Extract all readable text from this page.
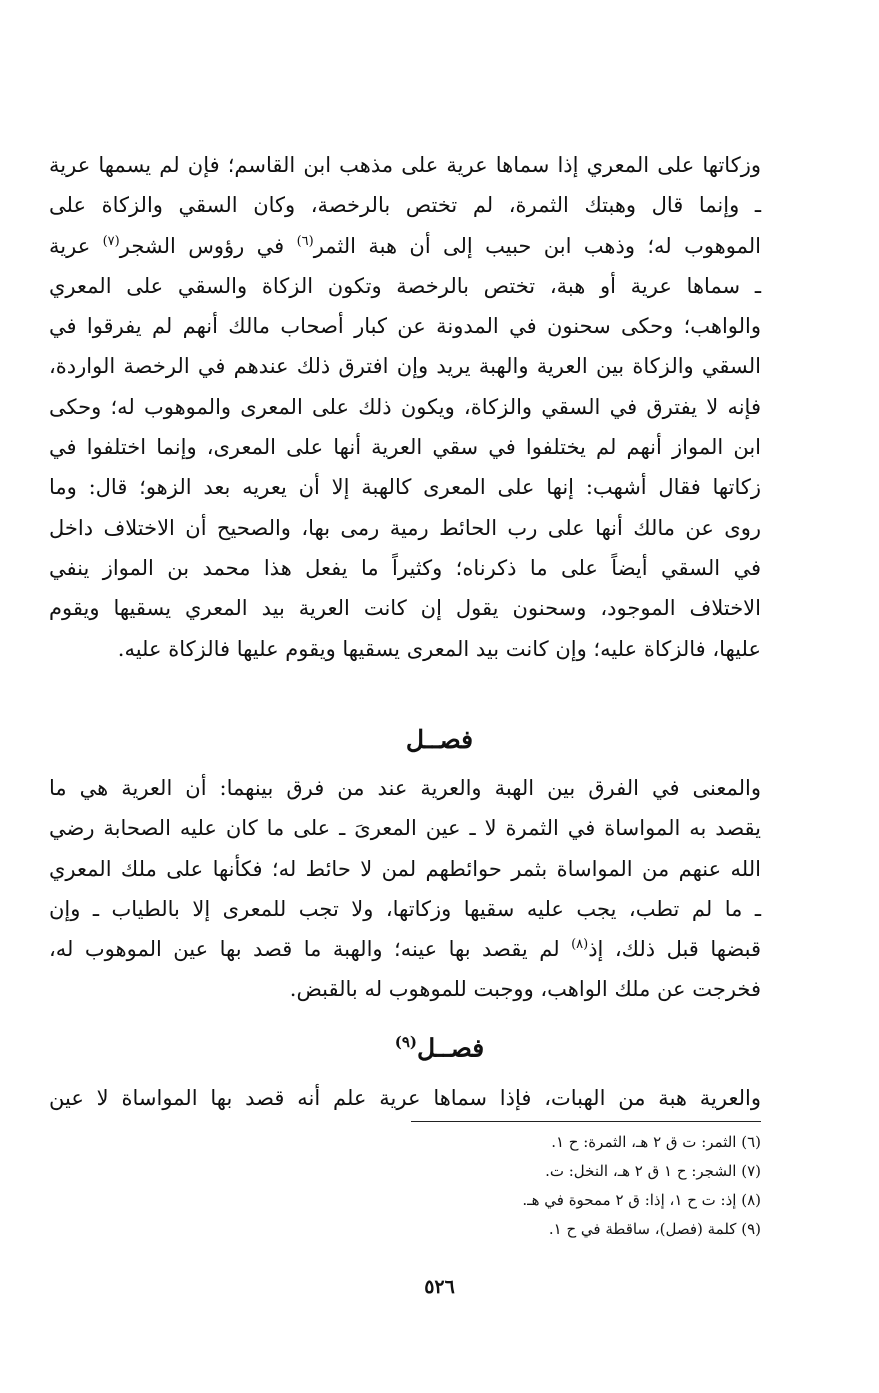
وزكاتها على المعري إذا سماها عرية على مذهب ابن القاسم؛ فإن لم يسمها عرية
ـ وإنما قال وهبتك الثمرة، لم تختص بالرخصة، وكان السقي والزكاة على
الموهوب له؛ وذهب ابن حبيب إلى أن هبة الثمر$^{(٦)}$ في رؤوس الشجر$^{(٧)}$ عرية
ـ سماها عرية أو هبة، تختص بالرخصة وتكون الزكاة والسقي على المعري
والواهب؛ وحكى سحنون في المدونة عن كبار أصحاب مالك أنهم لم يفرقوا في
السقي والزكاة بين العرية والهبة يريد وإن افترق ذلك عندهم في الرخصة الواردة،
فإنه لا يفترق في السقي والزكاة، ويكون ذلك على المعرى والموهوب له؛ وحكى
ابن المواز أنهم لم يختلفوا في سقي العرية أنها على المعرى، وإنما اختلفوا في
زكاتها فقال أشهب: إنها على المعرى كالهبة إلا أن يعريه بعد الزهو؛ قال: وما
روى عن مالك أنها على رب الحائط رمية رمى بها، والصحيح أن الاختلاف داخل
في السقي أيضاً على ما ذكرناه؛ وكثيراً ما يفعل هذا محمد بن المواز ينفي
الاختلاف الموجود، وسحنون يقول إن كانت العرية بيد المعري يسقيها ويقوم
عليها، فالزكاة عليه؛ وإن كانت بيد المعرى يسقيها ويقوم عليها فالزكاة عليه.
فصــل
والمعنى في الفرق بين الهبة والعرية عند من فرق بينهما: أن العرية هي ما
يقصد به المواساة في الثمرة لا ـ عين المعرىَ ـ على ما كان عليه الصحابة رضي
الله عنهم من المواساة بثمر حوائطهم لمن لا حائط له؛ فكأنها على ملك المعري
ـ ما لم تطب، يجب عليه سقيها وزكاتها، ولا تجب للمعرى إلا بالطياب ـ وإن
قبضها قبل ذلك، إذ$^{(٨)}$ لم يقصد بها عينه؛ والهبة ما قصد بها عين الموهوب له،
فخرجت عن ملك الواهب، ووجبت للموهوب له بالقبض.
فصــل$^{(٩)}$
والعرية هبة من الهبات، فإذا سماها عرية علم أنه قصد بها المواساة لا عين
(٦) الثمر: ت ق ٢ هـ، الثمرة: ح ١.
(٧) الشجر: ح ١ ق ٢ هـ، النخل: ت.
(٨) إذ: ت ح ١، إذا: ق ٢ ممحوة في هـ.
(٩) كلمة (فصل)، ساقطة في ح ١.
٥٢٦
